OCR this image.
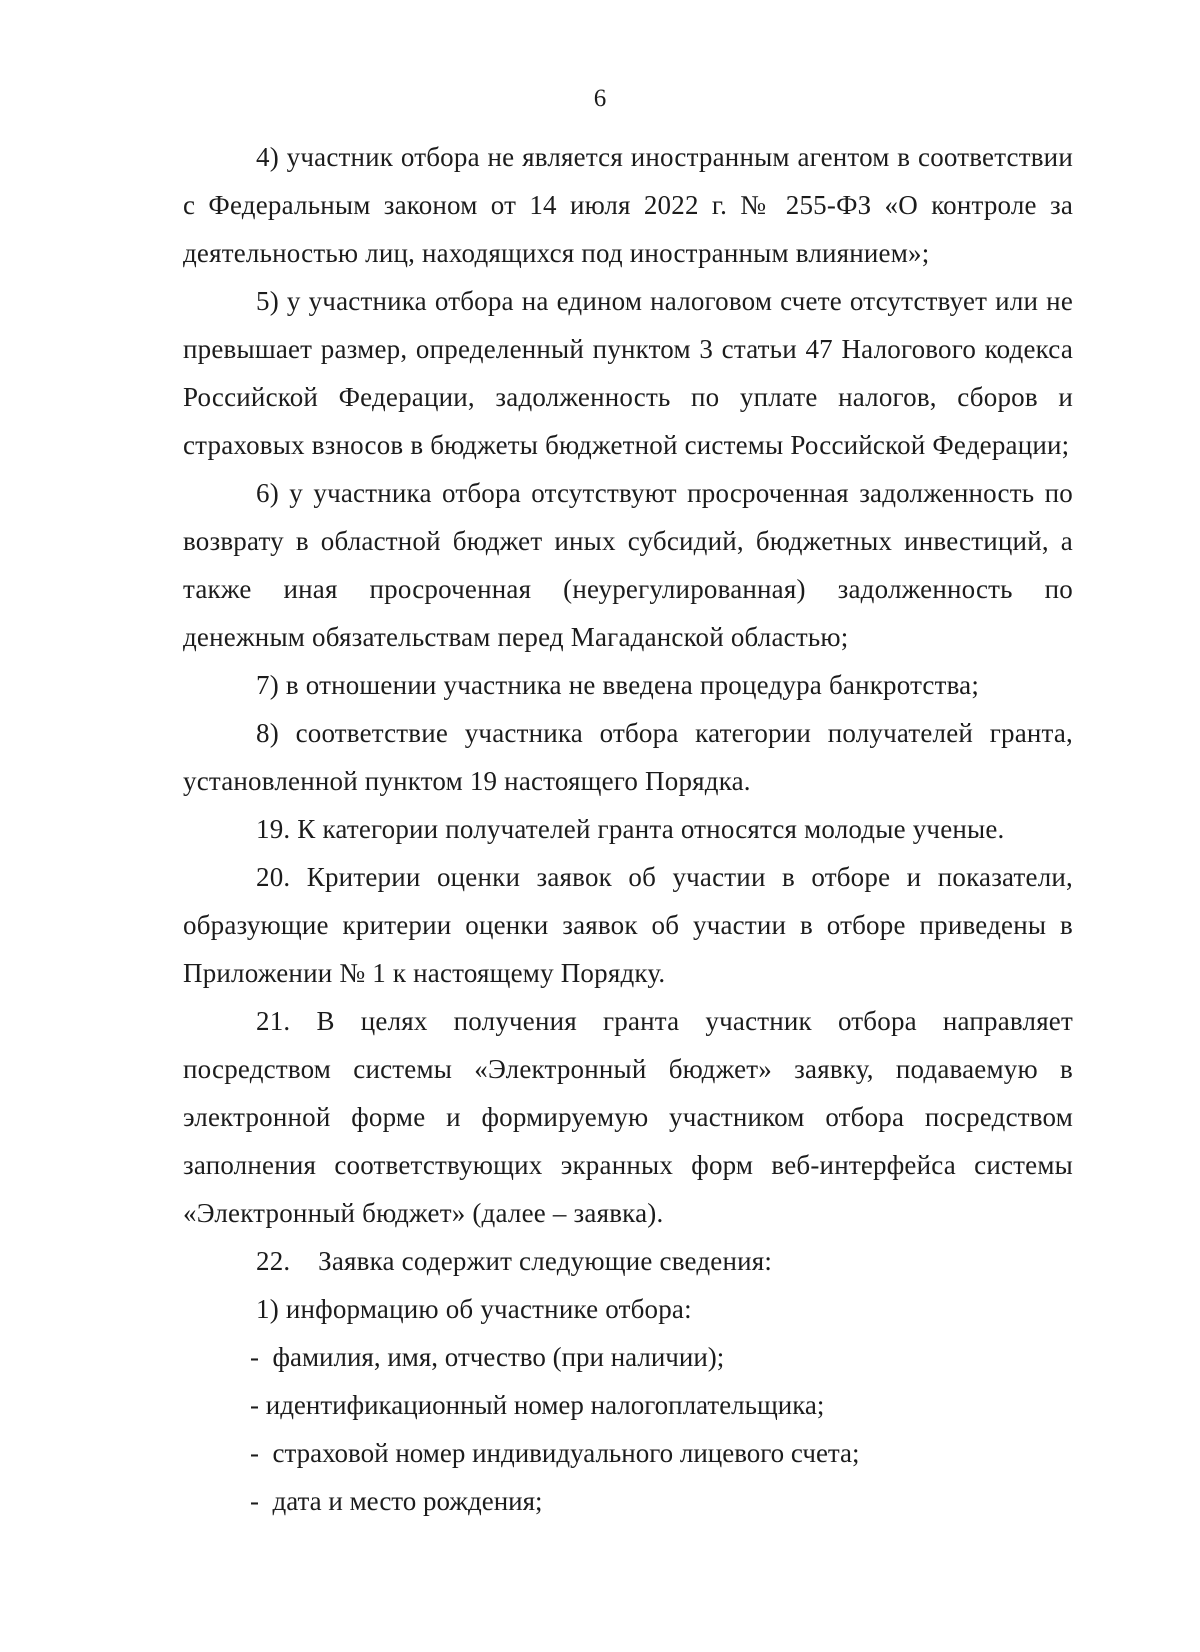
6

4) участник отбора не является иностранным агентом в соответствии с Федеральным законом от 14 июля 2022 г. № 255-ФЗ «О контроле за деятельностью лиц, находящихся под иностранным влиянием»;

5) у участника отбора на едином налоговом счете отсутствует или не превышает размер, определенный пунктом 3 статьи 47 Налогового кодекса Российской Федерации, задолженность по уплате налогов, сборов и страховых взносов в бюджеты бюджетной системы Российской Федерации;

6) у участника отбора отсутствуют просроченная задолженность по возврату в областной бюджет иных субсидий, бюджетных инвестиций, а также иная просроченная (неурегулированная) задолженность по денежным обязательствам перед Магаданской областью;

7) в отношении участника не введена процедура банкротства;

8) соответствие участника отбора категории получателей гранта, установленной пунктом 19 настоящего Порядка.

19. К категории получателей гранта относятся молодые ученые.

20. Критерии оценки заявок об участии в отборе и показатели, образующие критерии оценки заявок об участии в отборе приведены в Приложении № 1 к настоящему Порядку.

21. В целях получения гранта участник отбора направляет посредством системы «Электронный бюджет» заявку, подаваемую в электронной форме и формируемую участником отбора посредством заполнения соответствующих экранных форм веб-интерфейса системы «Электронный бюджет» (далее – заявка).

22.    Заявка содержит следующие сведения:

1) информацию об участнике отбора:

-  фамилия, имя, отчество (при наличии);

- идентификационный номер налогоплательщика;

-  страховой номер индивидуального лицевого счета;

-  дата и место рождения;
